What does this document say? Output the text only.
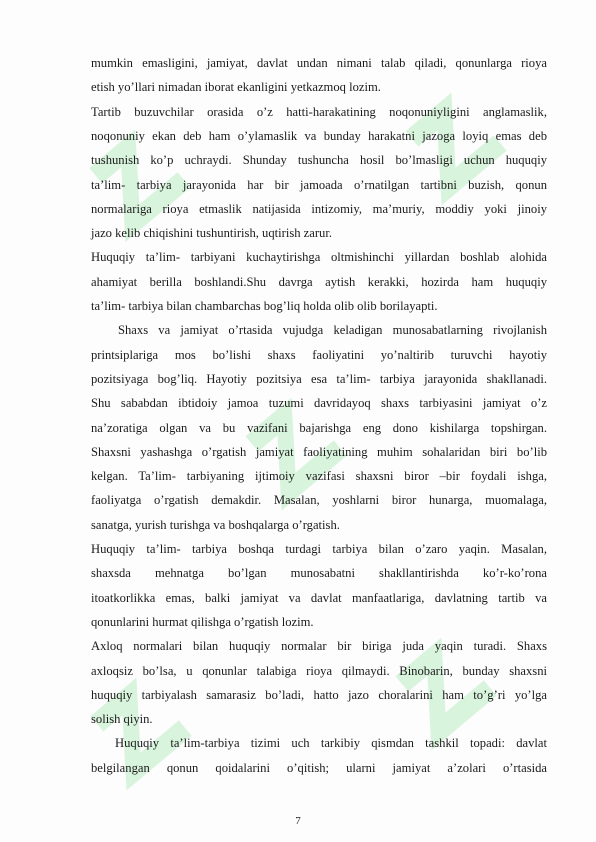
mumkin emasligini, jamiyat, davlat undan nimani talab qiladi, qonunlarga rioya
etish yo’llari nimadan iborat ekanligini yetkazmoq lozim.
Tartib buzuvchilar orasida o’z hatti-harakatining noqonuniyligini anglamaslik,
noqonuniy ekan deb ham o’ylamaslik va bunday harakatni jazoga loyiq emas deb
tushunish ko’p uchraydi. Shunday tushuncha hosil bo’lmasligi uchun huquqiy
ta’lim- tarbiya jarayonida har bir jamoada o’rnatilgan tartibni buzish, qonun
normalariga rioya etmaslik natijasida intizomiy, ma’muriy, moddiy yoki jinoiy
jazo kelib chiqishini tushuntirish, uqtirish zarur.
Huquqiy ta’lim- tarbiyani kuchaytirishga oltmishinchi yillardan boshlab alohida
ahamiyat berilla boshlandi.Shu davrga aytish kerakki, hozirda ham huquqiy
ta’lim- tarbiya bilan chambarchas bog’liq holda olib olib borilayapti.
Shaxs va jamiyat o’rtasida vujudga keladigan munosabatlarning rivojlanish
printsiplariga mos bo’lishi shaxs faoliyatini yo’naltirib turuvchi hayotiy
pozitsiyaga bog’liq. Hayotiy pozitsiya esa ta’lim- tarbiya jarayonida shakllanadi.
Shu sababdan ibtidoiy jamoa tuzumi davridayoq shaxs tarbiyasini jamiyat o’z
na’zoratiga olgan va bu vazifani bajarishga eng dono kishilarga topshirgan.
Shaxsni yashashga o’rgatish jamiyat faoliyatining muhim sohalaridan biri bo’lib
kelgan. Ta’lim- tarbiyaning ijtimoiy vazifasi shaxsni biror –bir foydali ishga,
faoliyatga o’rgatish demakdir. Masalan, yoshlarni biror hunarga, muomalaga,
sanatga, yurish turishga va boshqalarga o’rgatish.
Huquqiy ta’lim- tarbiya boshqa turdagi tarbiya bilan o’zaro yaqin. Masalan,
shaxsda mehnatga bo’lgan munosabatni shakllantirishda ko’r-ko’rona
itoatkorlikka emas, balki jamiyat va davlat manfaatlariga, davlatning tartib va
qonunlarini hurmat qilishga o’rgatish lozim.
Axloq normalari bilan huquqiy normalar bir biriga juda yaqin turadi. Shaxs
axloqsiz bo’lsa, u qonunlar talabiga rioya qilmaydi. Binobarin, bunday shaxsni
huquqiy tarbiyalash samarasiz bo’ladi, hatto jazo choralarini ham to’g’ri yo’lga
solish qiyin.
Huquqiy ta’lim-tarbiya tizimi uch tarkibiy qismdan tashkil topadi: davlat
belgilangan qonun qoidalarini o’qitish; ularni jamiyat a’zolari o’rtasida
7
